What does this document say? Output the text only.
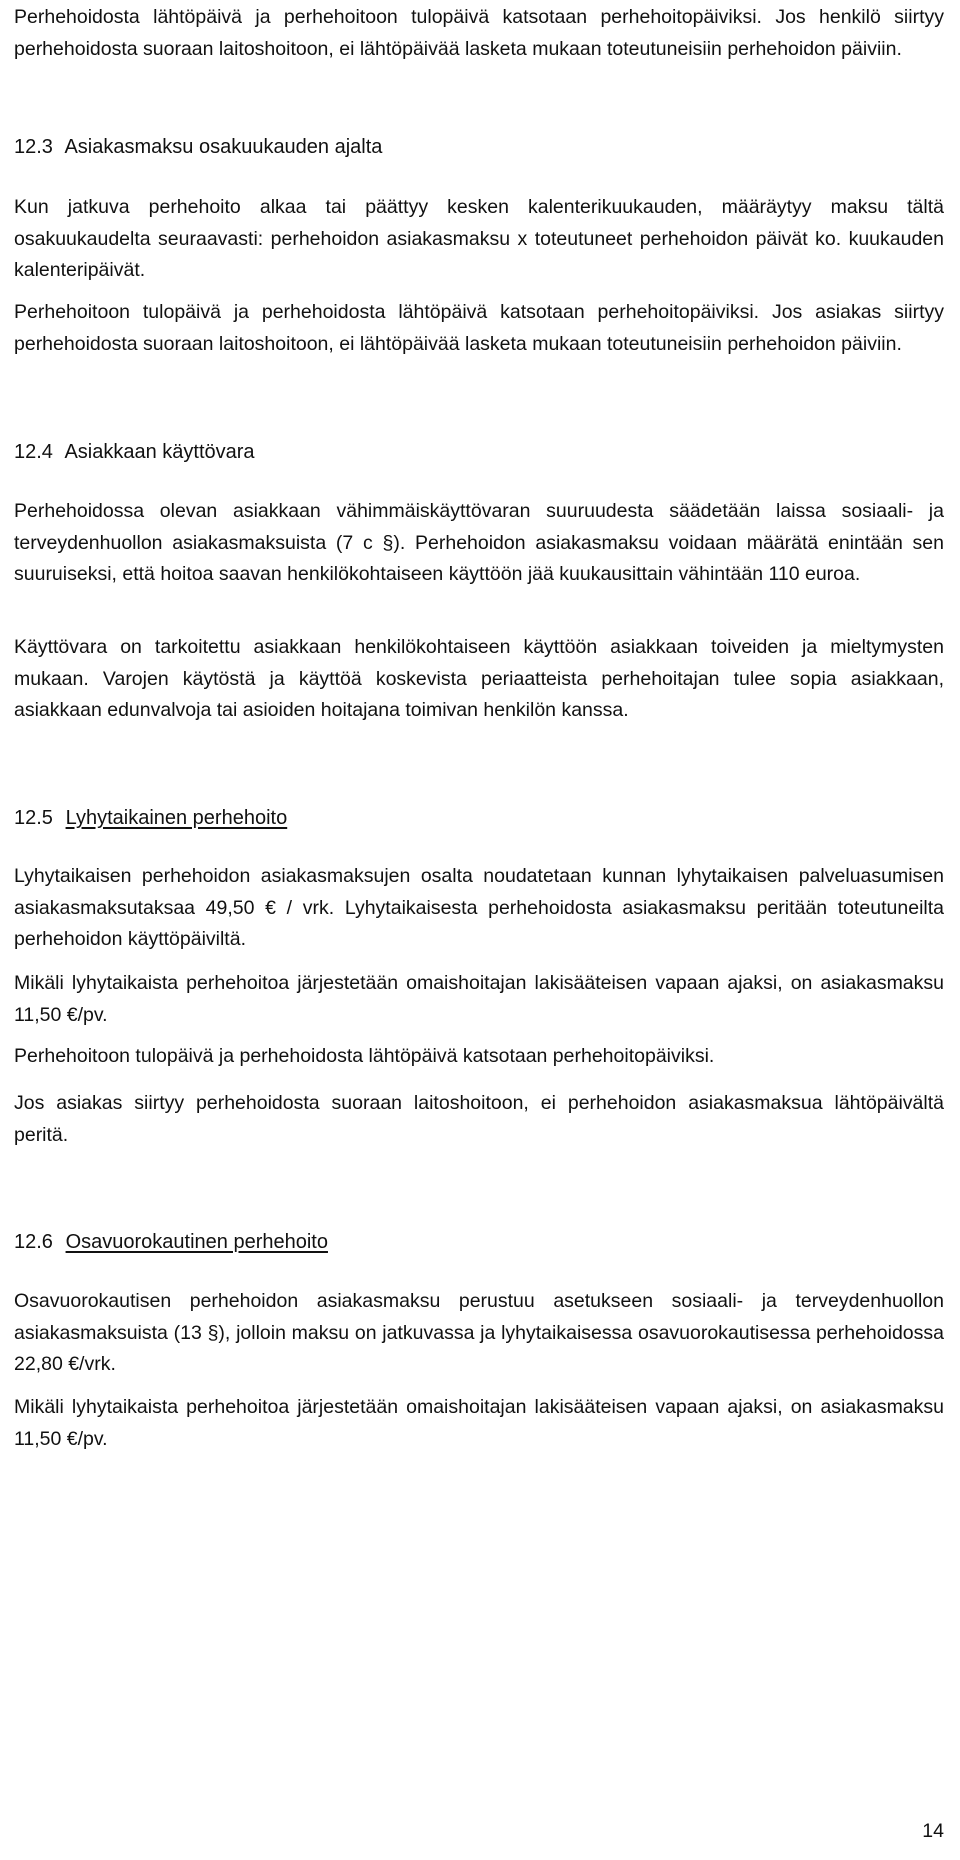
Perhehoidosta lähtöpäivä ja perhehoitoon tulopäivä katsotaan perhehoitopäiviksi. Jos henkilö siirtyy perhehoidosta suoraan laitoshoitoon, ei lähtöpäivää lasketa mukaan toteutuneisiin perhehoidon päiviin.

12.3 Asiakasmaksu osakuukauden ajalta

Kun jatkuva perhehoito alkaa tai päättyy kesken kalenterikuukauden, määräytyy maksu tältä osakuukaudelta seuraavasti: perhehoidon asiakasmaksu x toteutuneet perhehoidon päivät ko. kuukauden kalenteripäivät.

Perhehoitoon tulopäivä ja perhehoidosta lähtöpäivä katsotaan perhehoitopäiviksi. Jos asiakas siirtyy perhehoidosta suoraan laitoshoitoon, ei lähtöpäivää lasketa mukaan toteutuneisiin perhehoidon päiviin.

12.4 Asiakkaan käyttövara

Perhehoidossa olevan asiakkaan vähimmäiskäyttövaran suuruudesta säädetään laissa sosiaali- ja terveydenhuollon asiakasmaksuista (7 c §). Perhehoidon asiakasmaksu voidaan määrätä enintään sen suuruiseksi, että hoitoa saavan henkilökohtaiseen käyttöön jää kuukausittain vähintään 110 euroa.

Käyttövara on tarkoitettu asiakkaan henkilökohtaiseen käyttöön asiakkaan toiveiden ja mieltymysten mukaan. Varojen käytöstä ja käyttöä koskevista periaatteista perhehoitajan tulee sopia asiakkaan, asiakkaan edunvalvoja tai asioiden hoitajana toimivan henkilön kanssa.

12.5 Lyhytaikainen perhehoito

Lyhytaikaisen perhehoidon asiakasmaksujen osalta noudatetaan kunnan lyhytaikaisen palveluasumisen asiakasmaksutaksaa 49,50 € / vrk. Lyhytaikaisesta perhehoidosta asiakasmaksu peritään toteutuneilta perhehoidon käyttöpäiviltä.

Mikäli lyhytaikaista perhehoitoa järjestetään omaishoitajan lakisääteisen vapaan ajaksi, on asiakasmaksu 11,50 €/pv.

Perhehoitoon tulopäivä ja perhehoidosta lähtöpäivä katsotaan perhehoitopäiviksi.

Jos asiakas siirtyy perhehoidosta suoraan laitoshoitoon, ei perhehoidon asiakasmaksua lähtöpäivältä peritä.

12.6 Osavuorokautinen perhehoito

Osavuorokautisen perhehoidon asiakasmaksu perustuu asetukseen sosiaali- ja terveydenhuollon asiakasmaksuista (13 §), jolloin maksu on jatkuvassa ja lyhytaikaisessa osavuorokautisessa perhehoidossa 22,80 €/vrk.

Mikäli lyhytaikaista perhehoitoa järjestetään omaishoitajan lakisääteisen vapaan ajaksi, on asiakasmaksu 11,50 €/pv.

14
